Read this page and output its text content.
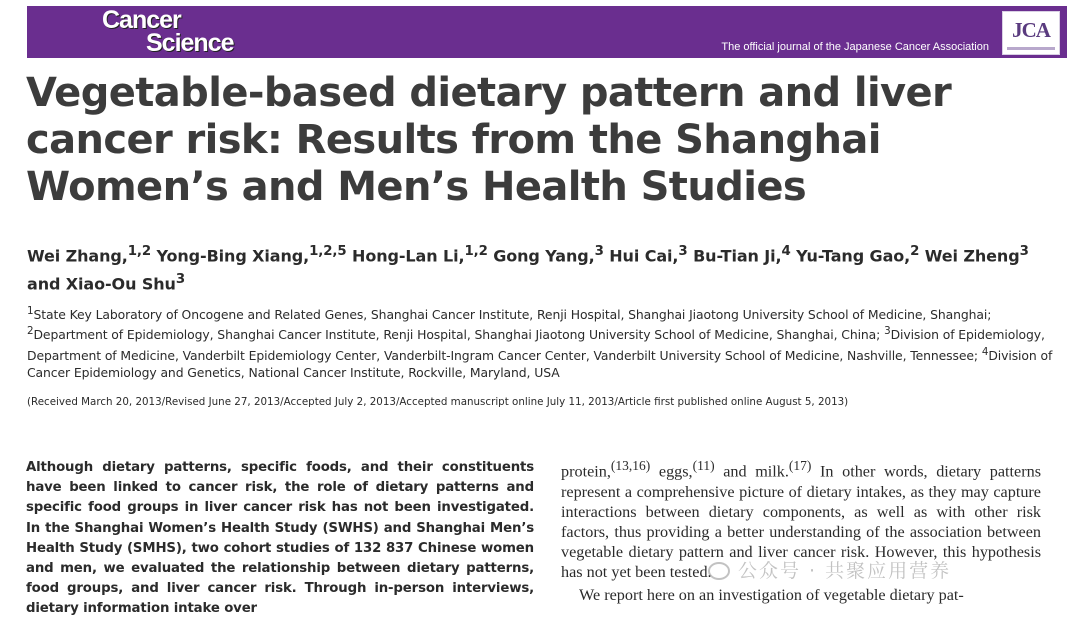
Cancer
Science	The official journal of the Japanese Cancer Association
JCA
Vegetable-based dietary pattern and liver cancer risk: Results from the Shanghai Women’s and Men’s Health Studies

Wei Zhang,$^{1,2}$ Yong-Bing Xiang,$^{1,2,5}$ Hong-Lan Li,$^{1,2}$ Gong Yang,$^3$ Hui Cai,$^3$ Bu-Tian Ji,$^4$ Yu-Tang Gao,$^2$ Wei Zheng$^3$ and Xiao-Ou Shu$^3$

$^1$State Key Laboratory of Oncogene and Related Genes, Shanghai Cancer Institute, Renji Hospital, Shanghai Jiaotong University School of Medicine, Shanghai; $^2$Department of Epidemiology, Shanghai Cancer Institute, Renji Hospital, Shanghai Jiaotong University School of Medicine, Shanghai, China; $^3$Division of Epidemiology, Department of Medicine, Vanderbilt Epidemiology Center, Vanderbilt-Ingram Cancer Center, Vanderbilt University School of Medicine, Nashville, Tennessee; $^4$Division of Cancer Epidemiology and Genetics, National Cancer Institute, Rockville, Maryland, USA

(Received March 20, 2013/Revised June 27, 2013/Accepted July 2, 2013/Accepted manuscript online July 11, 2013/Article first published online August 5, 2013)

Although dietary patterns, specific foods, and their constituents have been linked to cancer risk, the role of dietary patterns and specific food groups in liver cancer risk has not been investigated. In the Shanghai Women’s Health Study (SWHS) and Shanghai Men’s Health Study (SMHS), two cohort studies of 132 837 Chinese women and men, we evaluated the relationship between dietary patterns, food groups, and liver cancer risk. Through in-person interviews, dietary information intake over

protein,$^{(13,16)}$ eggs,$^{(11)}$ and milk.$^{(17)}$ In other words, dietary patterns represent a comprehensive picture of dietary intakes, as they may capture interactions between dietary components, as well as with other risk factors, thus providing a better understanding of the association between vegetable dietary pattern and liver cancer risk. However, this hypothesis has not yet been tested.

We report here on an investigation of vegetable dietary pat-

公众号 · 共聚应用营养
